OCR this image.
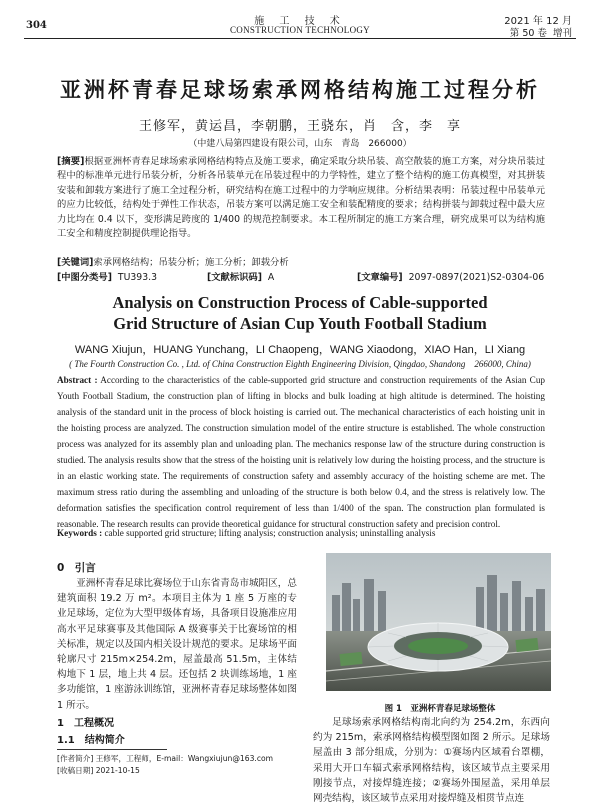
304	施 工 技 术
CONSTRUCTION TECHNOLOGY
2021 年 12 月
第 50 卷 增刊
亚洲杯青春足球场索承网格结构施工过程分析
王修军，黄运昌，李朝鹏，王骁东，肖　含，李　享
（中建八局第四建设有限公司，山东　青岛　266000）
[摘要]根据亚洲杯青春足球场索承网格结构特点及施工要求，确定采取分块吊装、高空散装的施工方案，对分块吊装过程中的标准单元进行吊装分析，分析各吊装单元在吊装过程中的力学特性，建立了整个结构的施工仿真模型，对其拼装安装和卸载方案进行了施工全过程分析，研究结构在施工过程中的力学响应规律。分析结果表明：吊装过程中吊装单元的应力比较低，结构处于弹性工作状态，吊装方案可以满足施工安全和装配精度的要求；结构拼装与卸载过程中最大应力比均在 0.4 以下，变形满足跨度的 1/400 的规范控制要求。本工程所制定的施工方案合理，研究成果可以为结构施工安全和精度控制提供理论指导。
[关键词]索承网格结构；吊装分析；施工分析；卸载分析
[中图分类号] TU393.3	[文献标识码] A	[文章编号] 2097-0897(2021)S2-0304-06
Analysis on Construction Process of Cable-supported
Grid Structure of Asian Cup Youth Football Stadium
WANG Xiujun，HUANG Yunchang，LI Chaopeng，WANG Xiaodong，XIAO Han，LI Xiang
( The Fourth Construction Co. , Ltd. of China Construction Eighth Engineering Division, Qingdao, Shandong　266000, China)
Abstract : According to the characteristics of the cable-supported grid structure and construction requirements of the Asian Cup Youth Football Stadium, the construction plan of lifting in blocks and bulk loading at high altitude is determined. The hoisting analysis of the standard unit in the process of block hoisting is carried out. The mechanical characteristics of each hoisting unit in the hoisting process are analyzed. The construction simulation model of the entire structure is established. The whole construction process was analyzed for its assembly plan and unloading plan. The mechanics response law of the structure during construction is studied. The analysis results show that the stress of the hoisting unit is relatively low during the hoisting process, and the structure is in an elastic working state. The requirements of construction safety and assembly accuracy of the hoisting scheme are met. The maximum stress ratio during the assembling and unloading of the structure is both below 0.4, and the stress is relatively low. The deformation satisfies the specification control requirement of less than 1/400 of the span. The construction plan formulated is reasonable. The research results can provide theoretical guidance for structural construction safety and precision control.
Keywords : cable supported grid structure; lifting analysis; construction analysis; uninstalling analysis
0　引言

亚洲杯青春足球比赛场位于山东省青岛市城阳区，总建筑面积 19.2 万 m²。本项目主体为 1 座 5 万座的专业足球场，定位为大型甲级体育场，具备项目设施准应用高水平足球赛事及其他国际 A 级赛事关于比赛场馆的相关标准，规定以及国内相关设计规范的要求。足球场平面轮廓尺寸 215m×254.2m，屋盖最高 51.5m，主体结构地下 1 层，地上共 4 层。还包括 2 块训练场地，1 座多功能馆，1 座游泳训练馆，亚洲杯青春足球场整体如图 1 所示。

1　工程概况
1.1　结构简介
[作者简介] 王修军，工程师，E-mail：Wangxiujun@163.com
[收稿日期] 2021-10-15
图 1　亚洲杯青春足球场整体
足球场索承网格结构南北向约为 254.2m，东西向约为 215m，索承网格结构模型图如图 2 所示。足球场屋盖由 3 部分组成，分别为：①赛场内区域看台罩棚，采用大开口车辐式索承网格结构，该区域节点主要采用刚接节点，对接焊缝连接；②赛场外围屋盖，采用单层网壳结构，该区域节点采用对接焊缝及相贯节点连
